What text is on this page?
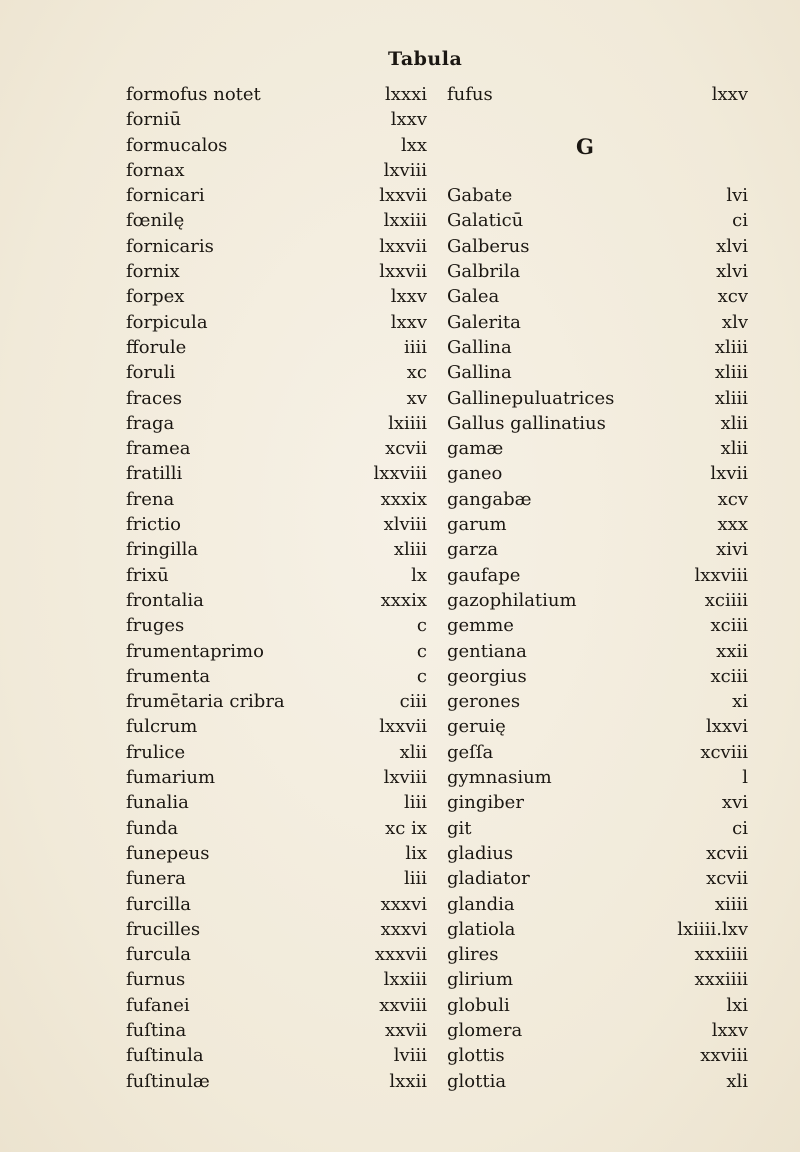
Tabula
G
formofus notet	lxxxi fufus	lxxv
forniū	lxxv
formucalos	lxx
fornax	lxviii
fornicari	lxxvii Gabate	lvi
fœnilę	lxxiii Galaticū	ci
fornicaris	lxxvii Galberus	xlvi
fornix	lxxvii Galbrila	xlvi
forpex	lxxv Galea	xcv
forpicula	lxxv Galerita	xlv
fforule	iiii Gallina	xliii
foruli	xc Gallina	xliii
fraces	xv Gallinepuluatrices	xliii
fraga	lxiiii Gallus gallinatius	xlii
framea	xcvii gamæ	xlii
fratilli	lxxviii ganeo	lxvii
frena	xxxix gangabæ	xcv
frictio	xlviii garum	xxx
fringilla	xliii garza	xivi
frixū	lx gaufape	lxxviii
frontalia	xxxix gazophilatium	xciiii
fruges	c gemme	xciii
frumentaprimo	c gentiana	xxii
frumenta	c georgius	xciii
frumētaria cribra	ciii gerones	xi
fulcrum	lxxvii geruię	lxxvi
frulice	xlii geſſa	xcviii
fumarium	lxviii gymnasium	l
funalia	liii gingiber	xvi
funda	xc ix git	ci
funepeus	lix gladius	xcvii
funera	liii gladiator	xcvii
furcilla	xxxvi glandia	xiiii
frucilles	xxxvi glatiola	lxiiii.lxv
furcula	xxxvii glires	xxxiiii
furnus	lxxiii glirium	xxxiiii
fufanei	xxviii globuli	lxi
fuſtina	xxvii glomera	lxxv
fuſtinula	lviii glottis	xxviii
fuſtinulæ	lxxii glottia	xli
